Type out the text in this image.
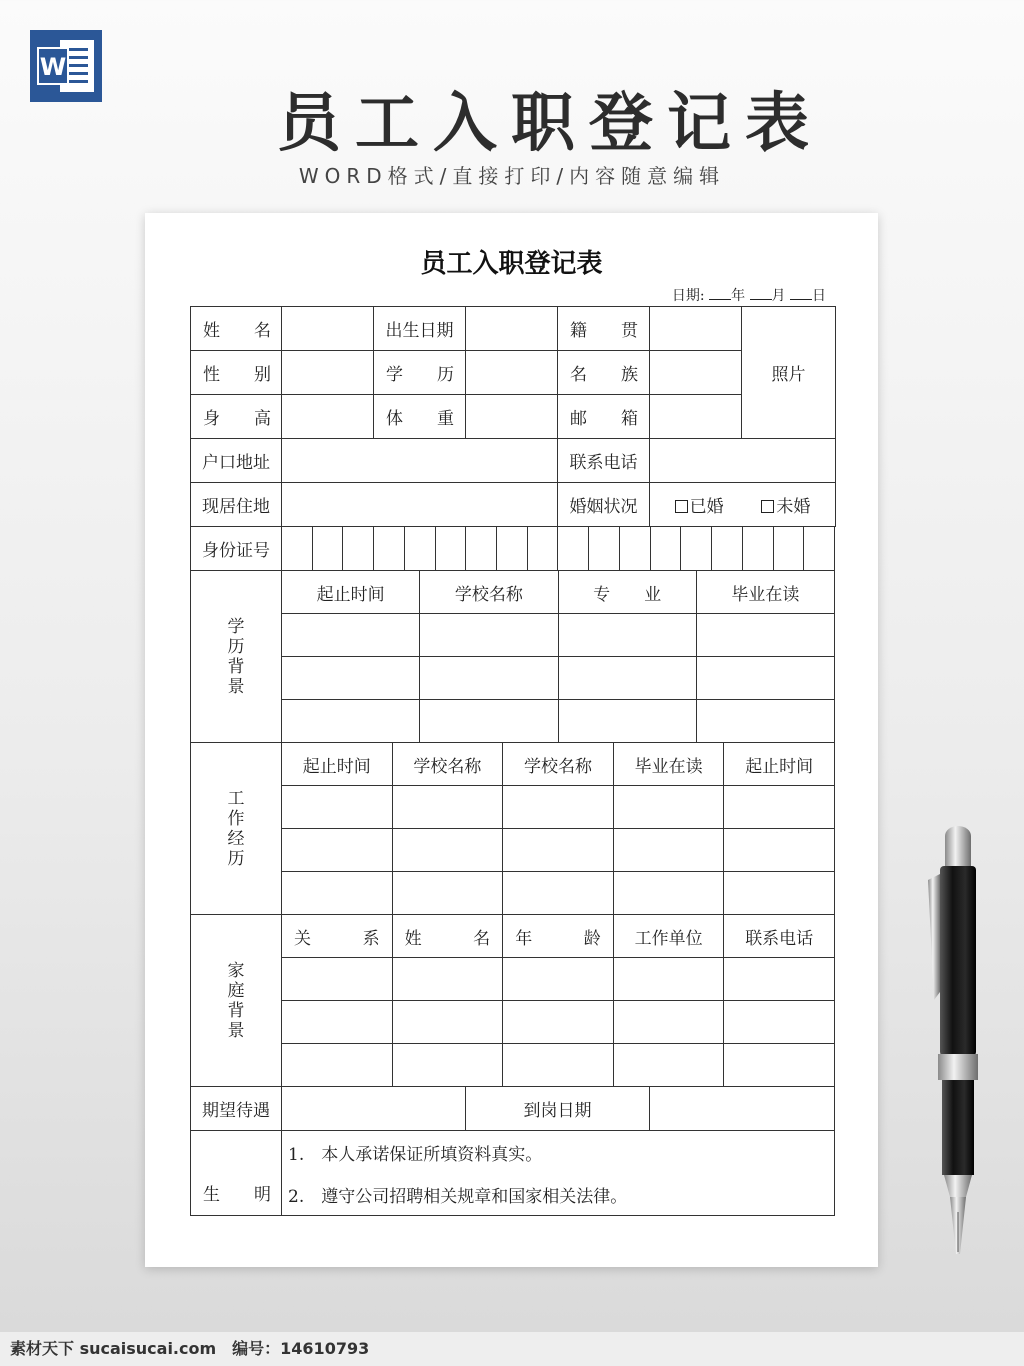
W
员工入职登记表
WORD格式/直接打印/内容随意编辑
员工入职登记表
日期: 年 月 日
姓　　名		出生日期		籍　　贯		照片
性　　别		学　　历		名　　族		
身　　高		体　　重		邮　　箱		
户口地址				联系电话		
现居住地				婚姻状况	已婚 未婚	
身份证号																		
学历背景	起止时间	学校名称	专　　业	毕业在读

工作经历	起止时间	学校名称	学校名称	毕业在读	起止时间

家庭背景	关　　系	姓　　名	年　　龄	工作单位	联系电话

期望待遇		到岗日期	
生　　明	1.　本人承诺保证所填资料真实。
2.　遵守公司招聘相关规章和国家相关法律。
素材天下 sucaisucai.com　编号：14610793
